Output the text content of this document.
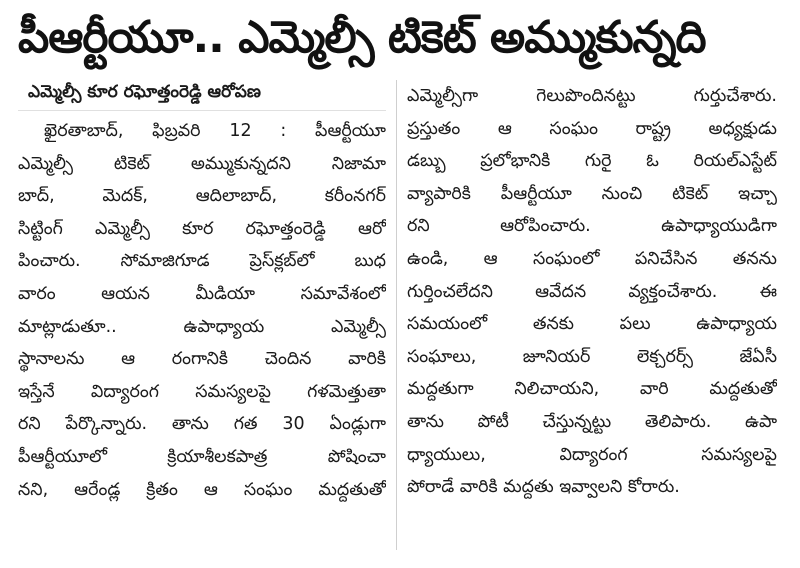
పీఆర్టీయూ.. ఎమ్మెల్సీ టికెట్ అమ్ముకున్నది
ఎమ్మెల్సీ కూర రఘోత్తంరెడ్డి ఆరోపణ
ఖైరతాబాద్, ఫిబ్రవరి 12 : పీఆర్టీయూ
ఎమ్మెల్సీ టికెట్ అమ్ముకున్నదని నిజామా
బాద్, మెదక్, ఆదిలాబాద్, కరీంనగర్
సిట్టింగ్ ఎమ్మెల్సీ కూర రఘోత్తంరెడ్డి ఆరో
పించారు. సోమాజిగూడ ప్రెస్‌క్లబ్‌లో బుధ
వారం ఆయన మీడియా సమావేశంలో
మాట్లాడుతూ.. ఉపాధ్యాయ ఎమ్మెల్సీ
స్థానాలను ఆ రంగానికి చెందిన వారికి
ఇస్తేనే విద్యారంగ సమస్యలపై గళమెత్తుతా
రని పేర్కొన్నారు. తాను గత 30 ఏండ్లుగా
పీఆర్టీయూలో క్రియాశీలకపాత్ర పోషించా
నని, ఆరేండ్ల క్రితం ఆ సంఘం మద్దతుతో
ఎమ్మెల్సీగా గెలుపొందినట్టు గుర్తుచేశారు.
ప్రస్తుతం ఆ సంఘం రాష్ట్ర అధ్యక్షుడు
డబ్బు ప్రలోభానికి గురై ఓ రియల్‌ఎస్టేట్
వ్యాపారికి పీఆర్టీయూ నుంచి టికెట్ ఇచ్చా
రని ఆరోపించారు. ఉపాధ్యాయుడిగా
ఉండి, ఆ సంఘంలో పనిచేసిన తనను
గుర్తించలేదని ఆవేదన వ్యక్తంచేశారు. ఈ
సమయంలో తనకు పలు ఉపాధ్యాయ
సంఘాలు, జూనియర్ లెక్చరర్స్ జేఏసీ
మద్దతుగా నిలిచాయని, వారి మద్దతుతో
తాను పోటీ చేస్తున్నట్టు తెలిపారు. ఉపా
ధ్యాయులు, విద్యారంగ సమస్యలపై
పోరాడే వారికి మద్దతు ఇవ్వాలని కోరారు.
